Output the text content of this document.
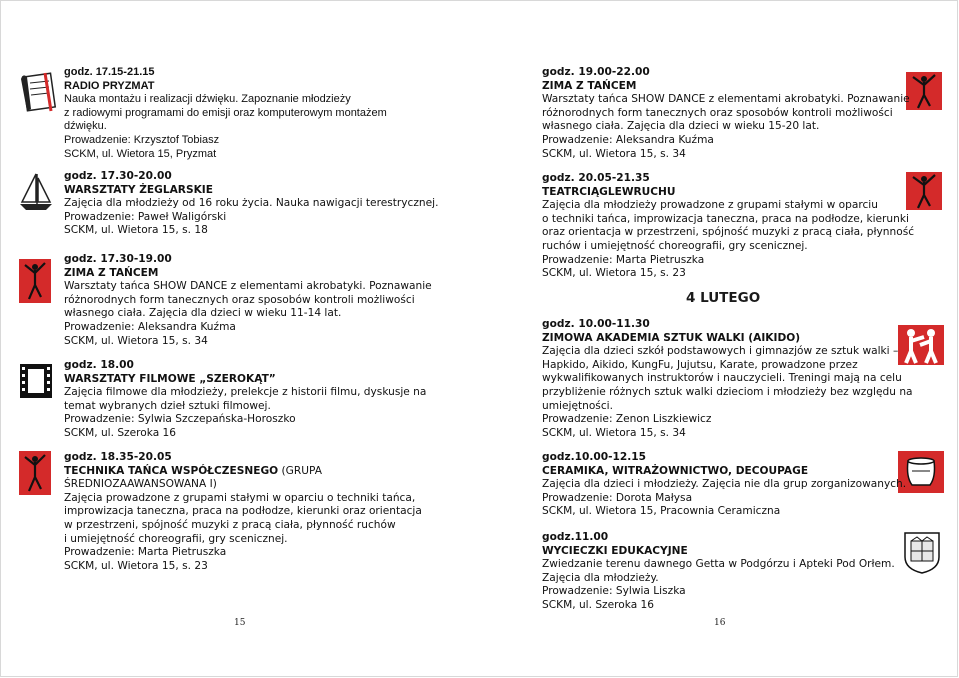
godz. 17.15-21.15
RADIO PRYZMAT
Nauka montażu i realizacji dźwięku. Zapoznanie młodzieży
z radiowymi programami do emisji oraz komputerowym montażem
dźwięku.
Prowadzenie: Krzysztof Tobiasz
SCKM, ul. Wietora 15, Pryzmat
godz. 17.30-20.00
WARSZTATY ŻEGLARSKIE
Zajęcia dla młodzieży od 16 roku życia. Nauka nawigacji terestrycznej.
Prowadzenie: Paweł Waligórski
SCKM, ul. Wietora 15, s. 18
godz. 17.30-19.00
ZIMA Z TAŃCEM
Warsztaty tańca SHOW DANCE z elementami akrobatyki. Poznawanie
różnorodnych form tanecznych oraz sposobów kontroli możliwości
własnego ciała. Zajęcia dla dzieci w wieku 11-14 lat.
Prowadzenie: Aleksandra Kuźma
SCKM, ul. Wietora 15, s. 34
godz. 18.00
WARSZTATY FILMOWE „SZEROKĄT”
Zajęcia filmowe dla młodzieży, prelekcje z historii filmu, dyskusje na
temat wybranych dzieł sztuki filmowej.
Prowadzenie: Sylwia Szczepańska-Horoszko
SCKM, ul. Szeroka 16
godz. 18.35-20.05
TECHNIKA TAŃCA WSPÓŁCZESNEGO (GRUPA
ŚREDNIOZAAWANSOWANA I)
Zajęcia prowadzone z grupami stałymi w oparciu o techniki tańca,
improwizacja taneczna, praca na podłodze, kierunki oraz orientacja
w przestrzeni, spójność muzyki z pracą ciała, płynność ruchów
i umiejętność choreografii, gry scenicznej.
Prowadzenie: Marta Pietruszka
SCKM, ul. Wietora 15, s. 23
15
godz. 19.00-22.00
ZIMA Z TAŃCEM
Warsztaty tańca SHOW DANCE z elementami akrobatyki. Poznawanie
różnorodnych form tanecznych oraz sposobów kontroli możliwości
własnego ciała. Zajęcia dla dzieci w wieku 15-20 lat.
Prowadzenie: Aleksandra Kuźma
SCKM, ul. Wietora 15, s. 34
godz. 20.05-21.35
TEATRCIĄGLEWRUCHU
Zajęcia dla młodzieży prowadzone z grupami stałymi w oparciu
o techniki tańca, improwizacja taneczna, praca na podłodze, kierunki
oraz orientacja w przestrzeni, spójność muzyki z pracą ciała, płynność
ruchów i umiejętność choreografii, gry scenicznej.
Prowadzenie: Marta Pietruszka
SCKM, ul. Wietora 15, s. 23
4 LUTEGO
godz. 10.00-11.30
ZIMOWA AKADEMIA SZTUK WALKI (AIKIDO)
Zajęcia dla dzieci szkół podstawowych i gimnazjów ze sztuk walki –
Hapkido, Aikido, KungFu, Jujutsu, Karate, prowadzone przez
wykwalifikowanych instruktorów i nauczycieli. Treningi mają na celu
przybliżenie różnych sztuk walki dzieciom i młodzieży bez względu na
umiejętności.
Prowadzenie: Zenon Liszkiewicz
SCKM, ul. Wietora 15, s. 34
godz.10.00-12.15
CERAMIKA, WITRAŻOWNICTWO, DECOUPAGE
Zajęcia dla dzieci i młodzieży. Zajęcia nie dla grup zorganizowanych.
Prowadzenie: Dorota Małysa
SCKM, ul. Wietora 15, Pracownia Ceramiczna
godz.11.00
WYCIECZKI EDUKACYJNE
Zwiedzanie terenu dawnego Getta w Podgórzu i Apteki Pod Orłem.
Zajęcia dla młodzieży.
Prowadzenie: Sylwia Liszka
SCKM, ul. Szeroka 16
16
